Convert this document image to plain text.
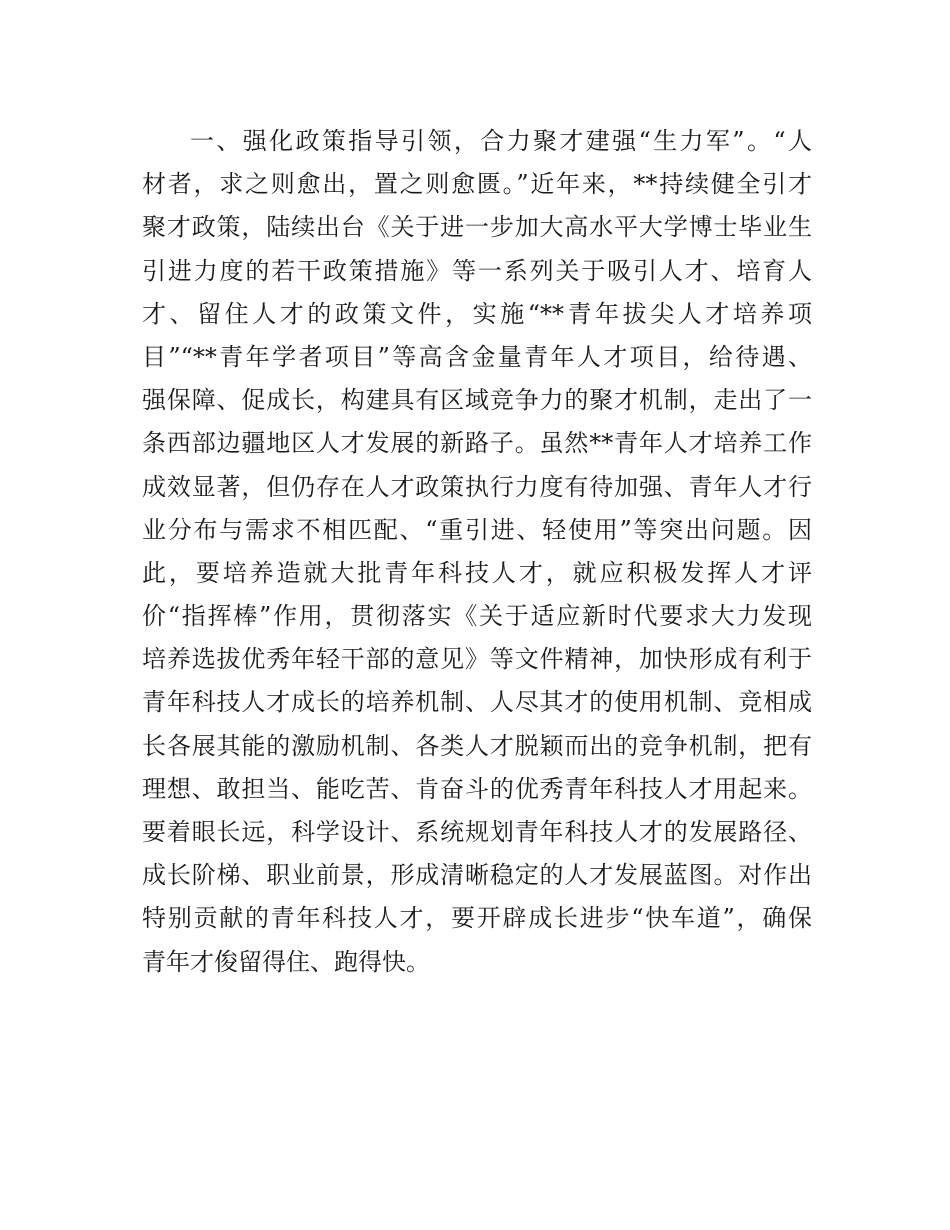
一、强化政策指导引领，合力聚才建强“生力军”。“人
材者，求之则愈出，置之则愈匮。”近年来，**持续健全引才
聚才政策，陆续出台《关于进一步加大高水平大学博士毕业生
引进力度的若干政策措施》等一系列关于吸引人才、培育人
才、留住人才的政策文件，实施“**青年拔尖人才培养项
目”“**青年学者项目”等高含金量青年人才项目，给待遇、
强保障、促成长，构建具有区域竞争力的聚才机制，走出了一
条西部边疆地区人才发展的新路子。虽然**青年人才培养工作
成效显著，但仍存在人才政策执行力度有待加强、青年人才行
业分布与需求不相匹配、“重引进、轻使用”等突出问题。因
此，要培养造就大批青年科技人才，就应积极发挥人才评
价“指挥棒”作用，贯彻落实《关于适应新时代要求大力发现
培养选拔优秀年轻干部的意见》等文件精神，加快形成有利于
青年科技人才成长的培养机制、人尽其才的使用机制、竞相成
长各展其能的激励机制、各类人才脱颖而出的竞争机制，把有
理想、敢担当、能吃苦、肯奋斗的优秀青年科技人才用起来。
要着眼长远，科学设计、系统规划青年科技人才的发展路径、
成长阶梯、职业前景，形成清晰稳定的人才发展蓝图。对作出
特别贡献的青年科技人才，要开辟成长进步“快车道”，确保
青年才俊留得住、跑得快。
